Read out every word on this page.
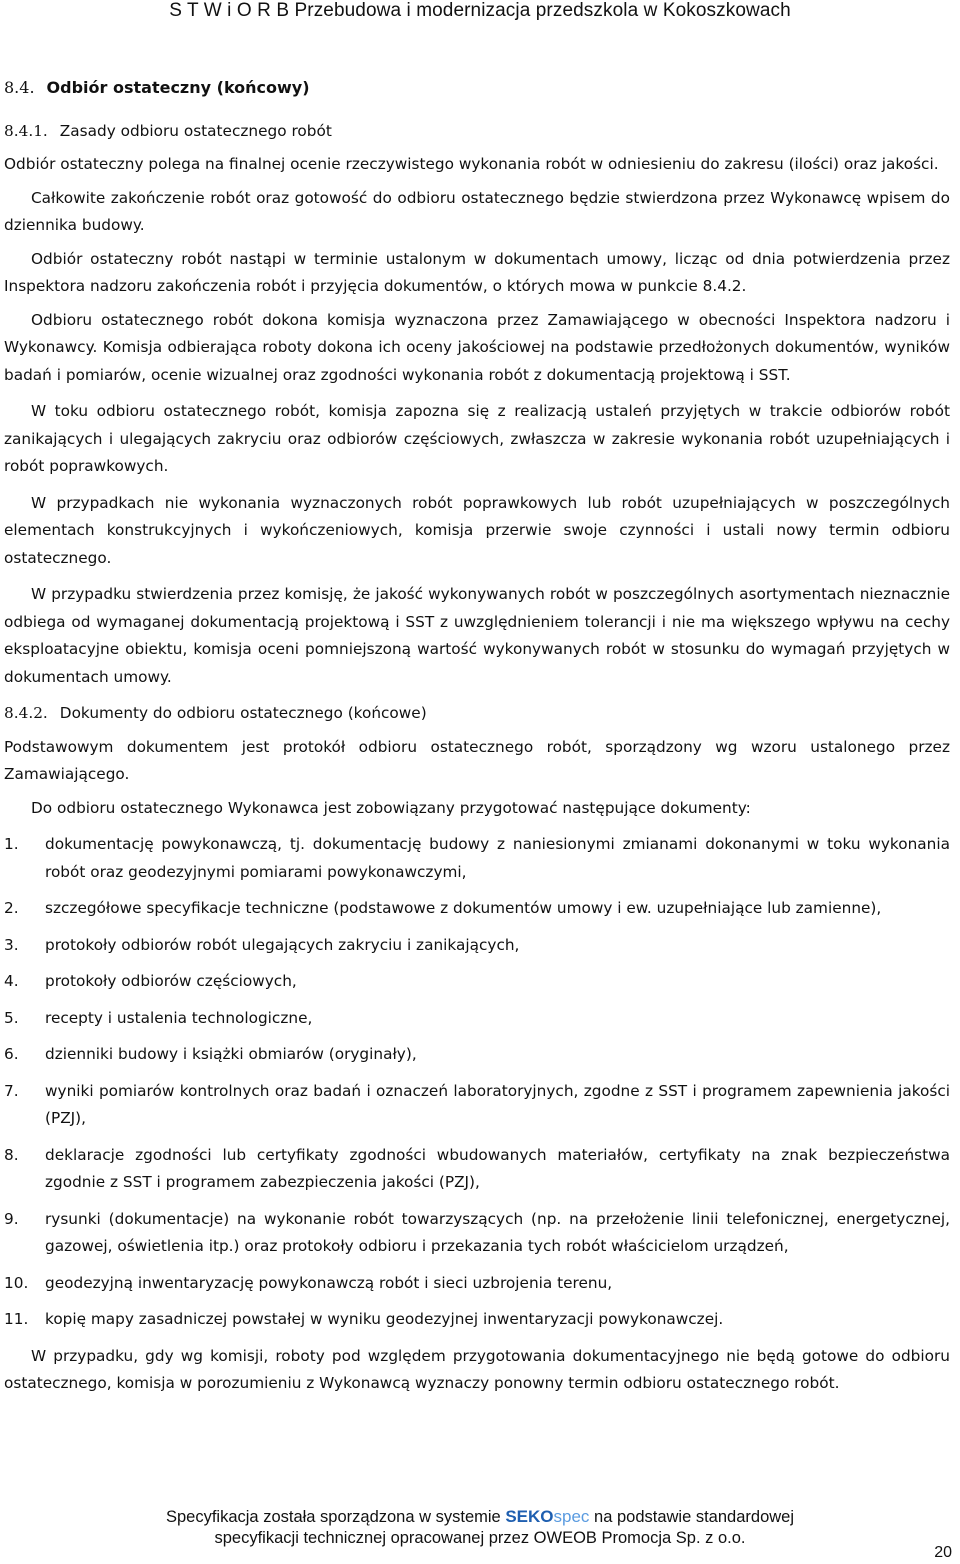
S T W i O R B Przebudowa i modernizacja przedszkola w Kokoszkowach

8.4. Odbiór ostateczny (końcowy)

8.4.1. Zasady odbioru ostatecznego robót

Odbiór ostateczny polega na finalnej ocenie rzeczywistego wykonania robót w odniesieniu do zakresu (ilości) oraz jakości.

Całkowite zakończenie robót oraz gotowość do odbioru ostatecznego będzie stwierdzona przez Wykonawcę wpisem do dziennika budowy.

Odbiór ostateczny robót nastąpi w terminie ustalonym w dokumentach umowy, licząc od dnia potwierdzenia przez Inspektora nadzoru zakończenia robót i przyjęcia dokumentów, o których mowa w punkcie 8.4.2.

Odbioru ostatecznego robót dokona komisja wyznaczona przez Zamawiającego w obecności Inspektora nadzoru i Wykonawcy. Komisja odbierająca roboty dokona ich oceny jakościowej na podstawie przedłożonych dokumentów, wyników badań i pomiarów, ocenie wizualnej oraz zgodności wykonania robót z dokumentacją projektową i SST.

W toku odbioru ostatecznego robót, komisja zapozna się z realizacją ustaleń przyjętych w trakcie odbiorów robót zanikających i ulegających zakryciu oraz odbiorów częściowych, zwłaszcza w zakresie wykonania robót uzupełniających i robót poprawkowych.

W przypadkach nie wykonania wyznaczonych robót poprawkowych lub robót uzupełniających w poszczególnych elementach konstrukcyjnych i wykończeniowych, komisja przerwie swoje czynności i ustali nowy termin odbioru ostatecznego.

W przypadku stwierdzenia przez komisję, że jakość wykonywanych robót w poszczególnych asortymentach nieznacznie odbiega od wymaganej dokumentacją projektową i SST z uwzględnieniem tolerancji i nie ma większego wpływu na cechy eksploatacyjne obiektu, komisja oceni pomniejszoną wartość wykonywanych robót w stosunku do wymagań przyjętych w dokumentach umowy.

8.4.2. Dokumenty do odbioru ostatecznego (końcowe)

Podstawowym dokumentem jest protokół odbioru ostatecznego robót, sporządzony wg wzoru ustalonego przez Zamawiającego.

Do odbioru ostatecznego Wykonawca jest zobowiązany przygotować następujące dokumenty:

1. dokumentację powykonawczą, tj. dokumentację budowy z naniesionymi zmianami dokonanymi w toku wykonania robót oraz geodezyjnymi pomiarami powykonawczymi,
2. szczegółowe specyfikacje techniczne (podstawowe z dokumentów umowy i ew. uzupełniające lub zamienne),
3. protokoły odbiorów robót ulegających zakryciu i zanikających,
4. protokoły odbiorów częściowych,
5. recepty i ustalenia technologiczne,
6. dzienniki budowy i książki obmiarów (oryginały),
7. wyniki pomiarów kontrolnych oraz badań i oznaczeń laboratoryjnych, zgodne z SST i programem zapewnienia jakości (PZJ),
8. deklaracje zgodności lub certyfikaty zgodności wbudowanych materiałów, certyfikaty na znak bezpieczeństwa zgodnie z SST i programem zabezpieczenia jakości (PZJ),
9. rysunki (dokumentacje) na wykonanie robót towarzyszących (np. na przełożenie linii telefonicznej, energetycznej, gazowej, oświetlenia itp.) oraz protokoły odbioru i przekazania tych robót właścicielom urządzeń,
10. geodezyjną inwentaryzację powykonawczą robót i sieci uzbrojenia terenu,
11. kopię mapy zasadniczej powstałej w wyniku geodezyjnej inwentaryzacji powykonawczej.

W przypadku, gdy wg komisji, roboty pod względem przygotowania dokumentacyjnego nie będą gotowe do odbioru ostatecznego, komisja w porozumieniu z Wykonawcą wyznaczy ponowny termin odbioru ostatecznego robót.

Specyfikacja została sporządzona w systemie SEKOspec na podstawie standardowej
specyfikacji technicznej opracowanej przez OWEOB Promocja Sp. z o.o.
20
